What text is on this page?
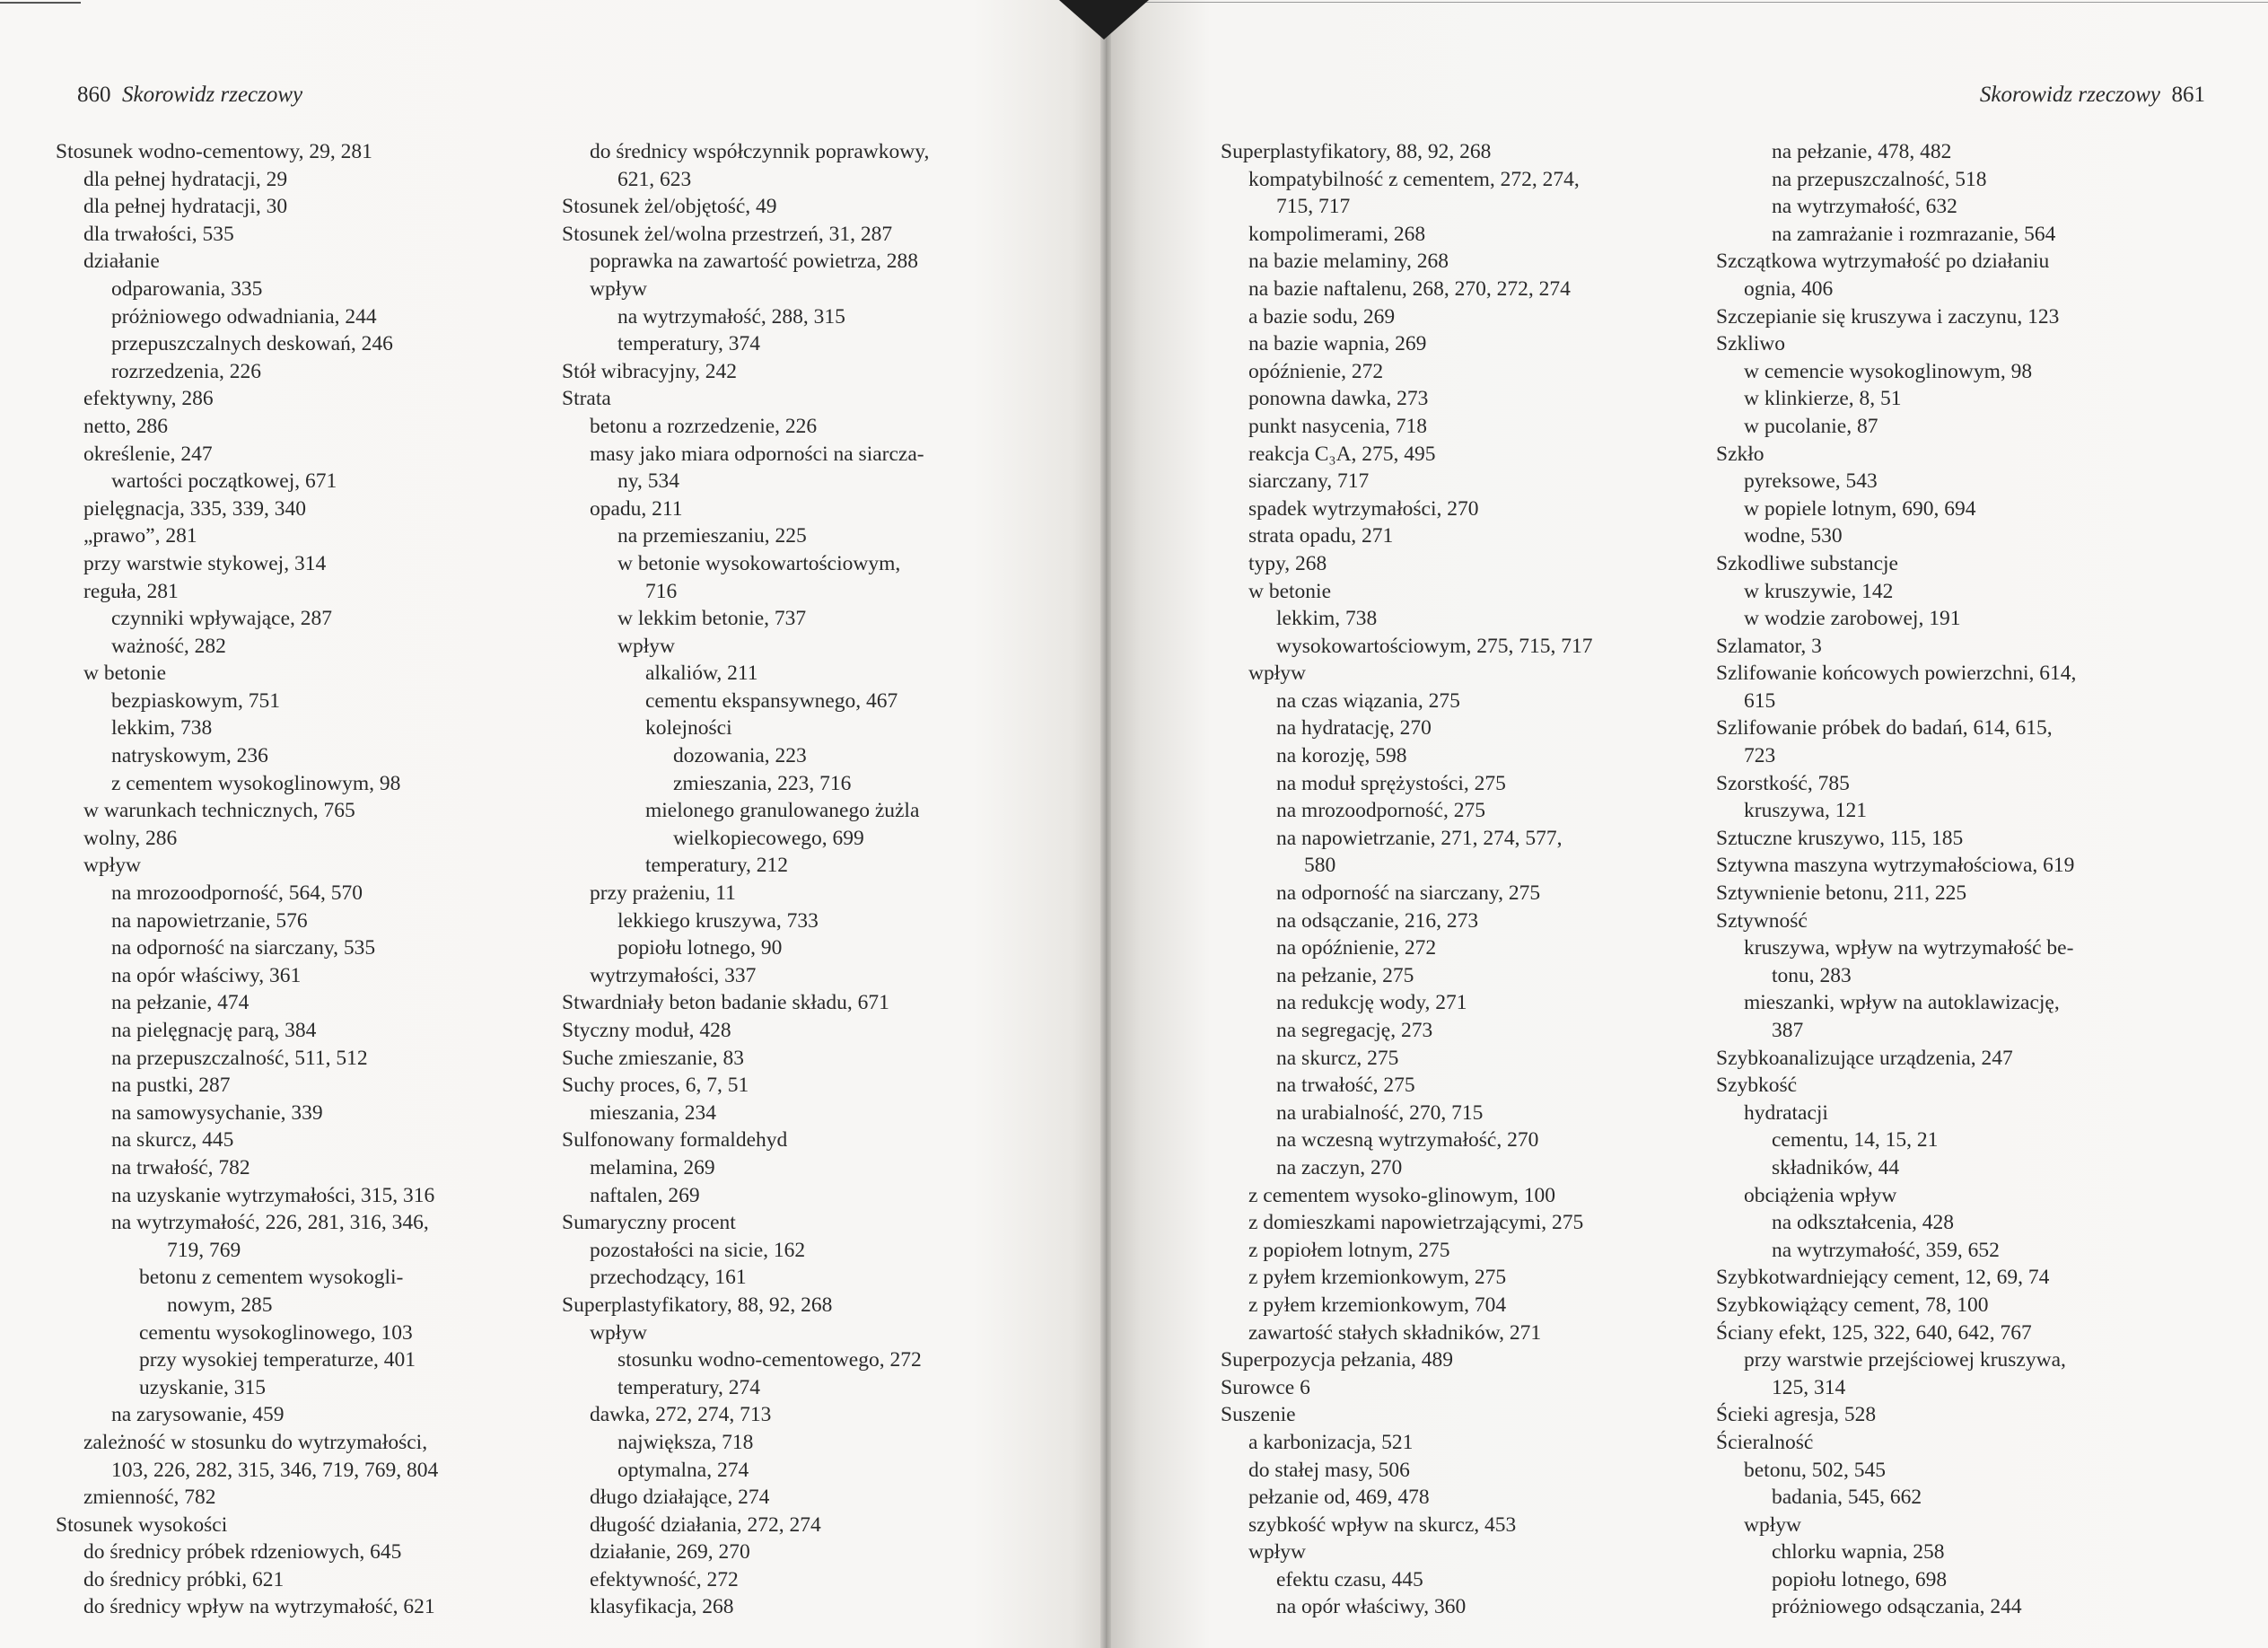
860 Skorowidz rzeczowy
Stosunek wodno-cementowy, 29, 281
dla pełnej hydratacji, 29
dla pełnej hydratacji, 30
dla trwałości, 535
działanie
odparowania, 335
próżniowego odwadniania, 244
przepuszczalnych deskowań, 246
rozrzedzenia, 226
efektywny, 286
netto, 286
określenie, 247
wartości początkowej, 671
pielęgnacja, 335, 339, 340
„prawo”, 281
przy warstwie stykowej, 314
reguła, 281
czynniki wpływające, 287
ważność, 282
w betonie
bezpiaskowym, 751
lekkim, 738
natryskowym, 236
z cementem wysokoglinowym, 98
w warunkach technicznych, 765
wolny, 286
wpływ
na mrozoodporność, 564, 570
na napowietrzanie, 576
na odporność na siarczany, 535
na opór właściwy, 361
na pełzanie, 474
na pielęgnację parą, 384
na przepuszczalność, 511, 512
na pustki, 287
na samowysychanie, 339
na skurcz, 445
na trwałość, 782
na uzyskanie wytrzymałości, 315, 316
na wytrzymałość, 226, 281, 316, 346,
719, 769
betonu z cementem wysokogli-
nowym, 285
cementu wysokoglinowego, 103
przy wysokiej temperaturze, 401
uzyskanie, 315
na zarysowanie, 459
zależność w stosunku do wytrzymałości,
103, 226, 282, 315, 346, 719, 769, 804
zmienność, 782
Stosunek wysokości
do średnicy próbek rdzeniowych, 645
do średnicy próbki, 621
do średnicy wpływ na wytrzymałość, 621
do średnicy współczynnik poprawkowy,
621, 623
Stosunek żel/objętość, 49
Stosunek żel/wolna przestrzeń, 31, 287
poprawka na zawartość powietrza, 288
wpływ
na wytrzymałość, 288, 315
temperatury, 374
Stół wibracyjny, 242
Strata
betonu a rozrzedzenie, 226
masy jako miara odporności na siarcza-
ny, 534
opadu, 211
na przemieszaniu, 225
w betonie wysokowartościowym,
716
w lekkim betonie, 737
wpływ
alkaliów, 211
cementu ekspansywnego, 467
kolejności
dozowania, 223
zmieszania, 223, 716
mielonego granulowanego żużla
wielkopiecowego, 699
temperatury, 212
przy prażeniu, 11
lekkiego kruszywa, 733
popiołu lotnego, 90
wytrzymałości, 337
Stwardniały beton badanie składu, 671
Styczny moduł, 428
Suche zmieszanie, 83
Suchy proces, 6, 7, 51
mieszania, 234
Sulfonowany formaldehyd
melamina, 269
naftalen, 269
Sumaryczny procent
pozostałości na sicie, 162
przechodzący, 161
Superplastyfikatory, 88, 92, 268
wpływ
stosunku wodno-cementowego, 272
temperatury, 274
dawka, 272, 274, 713
największa, 718
optymalna, 274
długo działające, 274
długość działania, 272, 274
działanie, 269, 270
efektywność, 272
klasyfikacja, 268
Skorowidz rzeczowy 861
Superplastyfikatory, 88, 92, 268
kompatybilność z cementem, 272, 274,
715, 717
kompolimerami, 268
na bazie melaminy, 268
na bazie naftalenu, 268, 270, 272, 274
a bazie sodu, 269
na bazie wapnia, 269
opóźnienie, 272
ponowna dawka, 273
punkt nasycenia, 718
reakcja C₃A, 275, 495
siarczany, 717
spadek wytrzymałości, 270
strata opadu, 271
typy, 268
w betonie
lekkim, 738
wysokowartościowym, 275, 715, 717
wpływ
na czas wiązania, 275
na hydratację, 270
na korozję, 598
na moduł sprężystości, 275
na mrozoodporność, 275
na napowietrzanie, 271, 274, 577,
580
na odporność na siarczany, 275
na odsączanie, 216, 273
na opóźnienie, 272
na pełzanie, 275
na redukcję wody, 271
na segregację, 273
na skurcz, 275
na trwałość, 275
na urabialność, 270, 715
na wczesną wytrzymałość, 270
na zaczyn, 270
z cementem wysoko-glinowym, 100
z domieszkami napowietrzającymi, 275
z popiołem lotnym, 275
z pyłem krzemionkowym, 275
z pyłem krzemionkowym, 704
zawartość stałych składników, 271
Superpozycja pełzania, 489
Surowce 6
Suszenie
a karbonizacja, 521
do stałej masy, 506
pełzanie od, 469, 478
szybkość wpływ na skurcz, 453
wpływ
efektu czasu, 445
na opór właściwy, 360
na pełzanie, 478, 482
na przepuszczalność, 518
na wytrzymałość, 632
na zamrażanie i rozmrazanie, 564
Szczątkowa wytrzymałość po działaniu
ognia, 406
Szczepianie się kruszywa i zaczynu, 123
Szkliwo
w cemencie wysokoglinowym, 98
w klinkierze, 8, 51
w pucolanie, 87
Szkło
pyreksowe, 543
w popiele lotnym, 690, 694
wodne, 530
Szkodliwe substancje
w kruszywie, 142
w wodzie zarobowej, 191
Szlamator, 3
Szlifowanie końcowych powierzchni, 614,
615
Szlifowanie próbek do badań, 614, 615,
723
Szorstkość, 785
kruszywa, 121
Sztuczne kruszywo, 115, 185
Sztywna maszyna wytrzymałościowa, 619
Sztywnienie betonu, 211, 225
Sztywność
kruszywa, wpływ na wytrzymałość be-
tonu, 283
mieszanki, wpływ na autoklawizację,
387
Szybkoanalizujące urządzenia, 247
Szybkość
hydratacji
cementu, 14, 15, 21
składników, 44
obciążenia wpływ
na odkształcenia, 428
na wytrzymałość, 359, 652
Szybkotwardniejący cement, 12, 69, 74
Szybkowiążący cement, 78, 100
Ściany efekt, 125, 322, 640, 642, 767
przy warstwie przejściowej kruszywa,
125, 314
Ścieki agresja, 528
Ścieralność
betonu, 502, 545
badania, 545, 662
wpływ
chlorku wapnia, 258
popiołu lotnego, 698
próżniowego odsączania, 244
